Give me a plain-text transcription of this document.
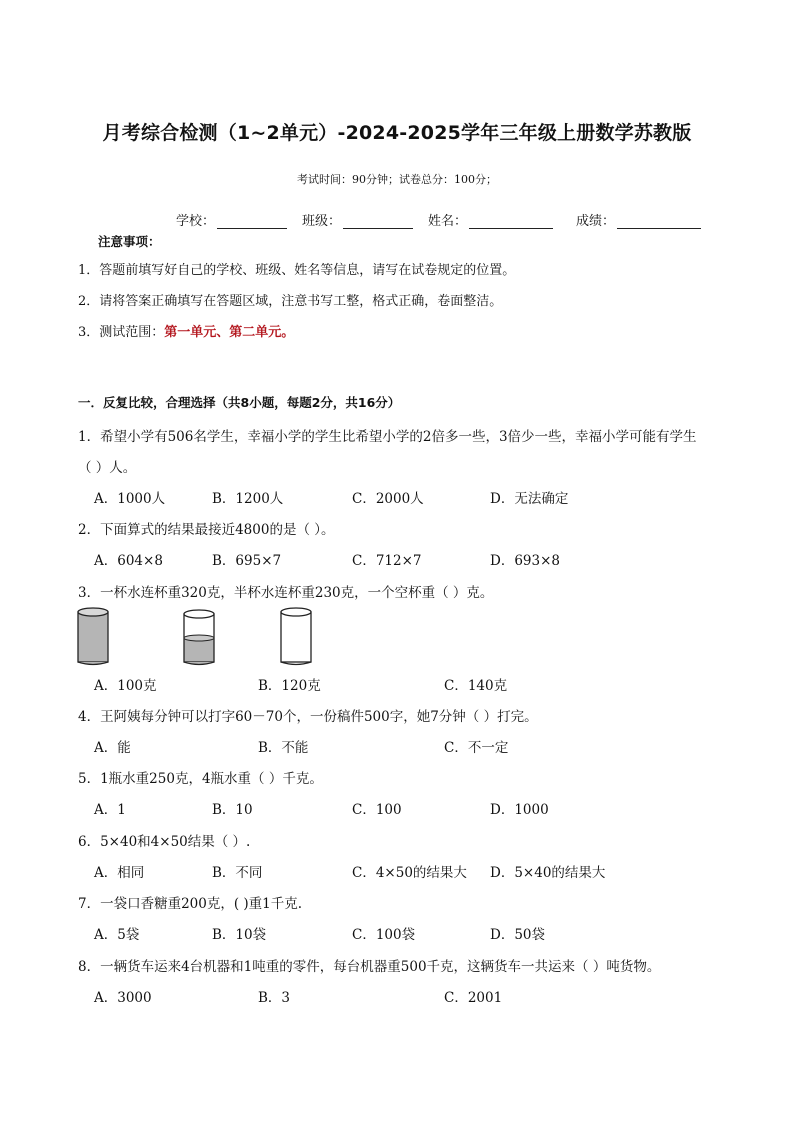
月考综合检测（1~2单元）-2024-2025学年三年级上册数学苏教版
考试时间：90分钟；试卷总分：100分；
学校：	班级：	姓名：	成绩：
注意事项：
1．答题前填写好自己的学校、班级、姓名等信息，请写在试卷规定的位置。
2．请将答案正确填写在答题区域，注意书写工整，格式正确，卷面整洁。
3．测试范围：第一单元、第二单元。
一．反复比较，合理选择（共8小题，每题2分，共16分）
1．希望小学有506名学生，幸福小学的学生比希望小学的2倍多一些，3倍少一些，幸福小学可能有学生
（ ）人。
A．1000人	B．1200人	C．2000人	D．无法确定
2．下面算式的结果最接近4800的是（ ）。
A．604×8	B．695×7	C．712×7	D．693×8
3．一杯水连杯重320克，半杯水连杯重230克，一个空杯重（ ）克。
A．100克	B．120克	C．140克
4．王阿姨每分钟可以打字60－70个，一份稿件500字，她7分钟（ ）打完。
A．能	B．不能	C．不一定
5．1瓶水重250克，4瓶水重（ ）千克。
A．1	B．10	C．100	D．1000
6．5×40和4×50结果（ ）.
A．相同	B．不同	C．4×50的结果大 D．5×40的结果大
7．一袋口香糖重200克，( )重1千克.
A．5袋	B．10袋	C．100袋	D．50袋
8．一辆货车运来4台机器和1吨重的零件，每台机器重500千克，这辆货车一共运来（ ）吨货物。
A．3000	B．3	C．2001
